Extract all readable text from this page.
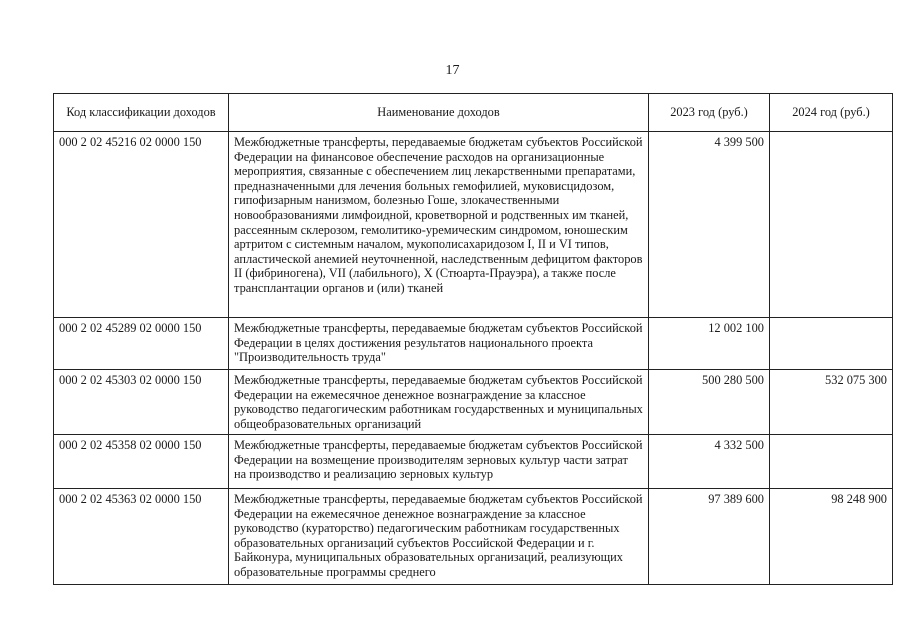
17
Код классификации доходов	Наименование доходов	2023 год (руб.)	2024 год (руб.)
000 2 02 45216 02 0000 150	Межбюджетные трансферты, передаваемые бюджетам субъектов Российской Федерации на финансовое обеспечение расходов на организационные мероприятия, связанные с обеспечением лиц лекарственными препаратами, предназначенными для лечения больных гемофилией, муковисцидозом, гипофизарным нанизмом, болезнью Гоше, злокачественными новообразованиями лимфоидной, кроветворной и родственных им тканей, рассеянным склерозом, гемолитико-уремическим синдромом, юношеским артритом с системным началом, мукополисахаридозом I, II и VI типов, апластической анемией неуточненной, наследственным дефицитом факторов II (фибриногена), VII (лабильного), X (Стюарта-Прауэра), а также после трансплантации органов и (или) тканей	4 399 500	
000 2 02 45289 02 0000 150	Межбюджетные трансферты, передаваемые бюджетам субъектов Российской Федерации в целях достижения результатов национального проекта "Производительность труда"	12 002 100	
000 2 02 45303 02 0000 150	Межбюджетные трансферты, передаваемые бюджетам субъектов Российской Федерации на ежемесячное денежное вознаграждение за классное руководство педагогическим работникам государственных и муниципальных общеобразовательных организаций	500 280 500	532 075 300
000 2 02 45358 02 0000 150	Межбюджетные трансферты, передаваемые бюджетам субъектов Российской Федерации на возмещение производителям зерновых культур части затрат на производство и реализацию зерновых культур	4 332 500	
000 2 02 45363 02 0000 150	Межбюджетные трансферты, передаваемые бюджетам субъектов Российской Федерации на ежемесячное денежное вознаграждение за классное руководство (кураторство) педагогическим работникам государственных образовательных организаций субъектов Российской Федерации и г. Байконура, муниципальных образовательных организаций, реализующих образовательные программы среднего	97 389 600	98 248 900
